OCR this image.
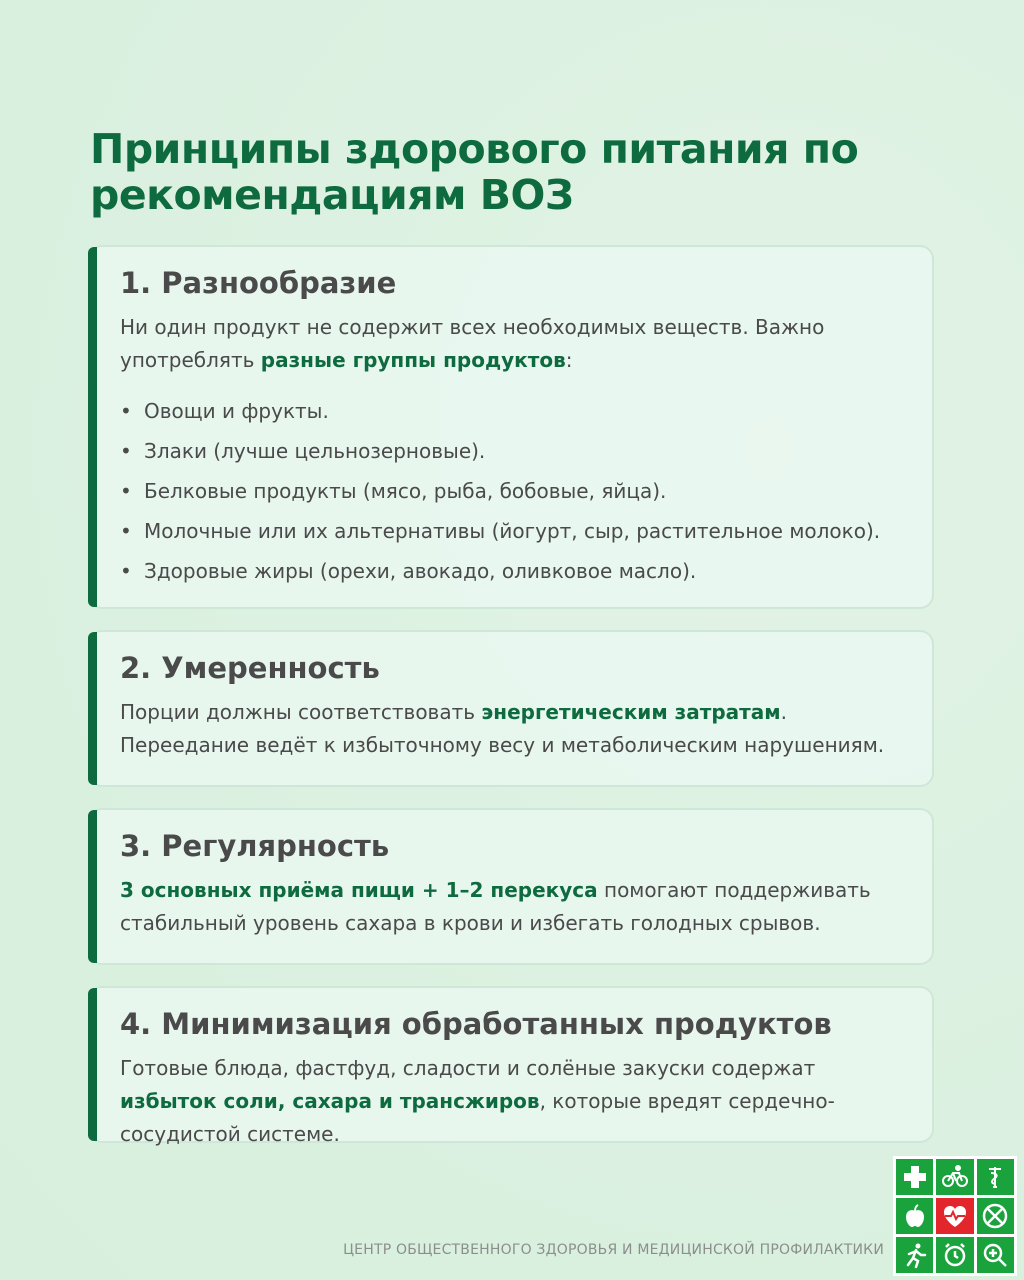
Принципы здорового питания по рекомендациям ВОЗ
1. Разнообразие

Ни один продукт не содержит всех необходимых веществ. Важно употреблять разные группы продуктов:

• Овощи и фрукты.
• Злаки (лучше цельнозерновые).
• Белковые продукты (мясо, рыба, бобовые, яйца).
• Молочные или их альтернативы (йогурт, сыр, растительное молоко).
• Здоровые жиры (орехи, авокадо, оливковое масло).
2. Умеренность

Порции должны соответствовать энергетическим затратам. Переедание ведёт к избыточному весу и метаболическим нарушениям.

3. Регулярность

3 основных приёма пищи + 1–2 перекуса помогают поддерживать стабильный уровень сахара в крови и избегать голодных срывов.

4. Минимизация обработанных продуктов

Готовые блюда, фастфуд, сладости и солёные закуски содержат избыток соли, сахара и трансжиров, которые вредят сердечно-сосудистой системе.

ЦЕНТР ОБЩЕСТВЕННОГО ЗДОРОВЬЯ И МЕДИЦИНСКОЙ ПРОФИЛАКТИКИ
